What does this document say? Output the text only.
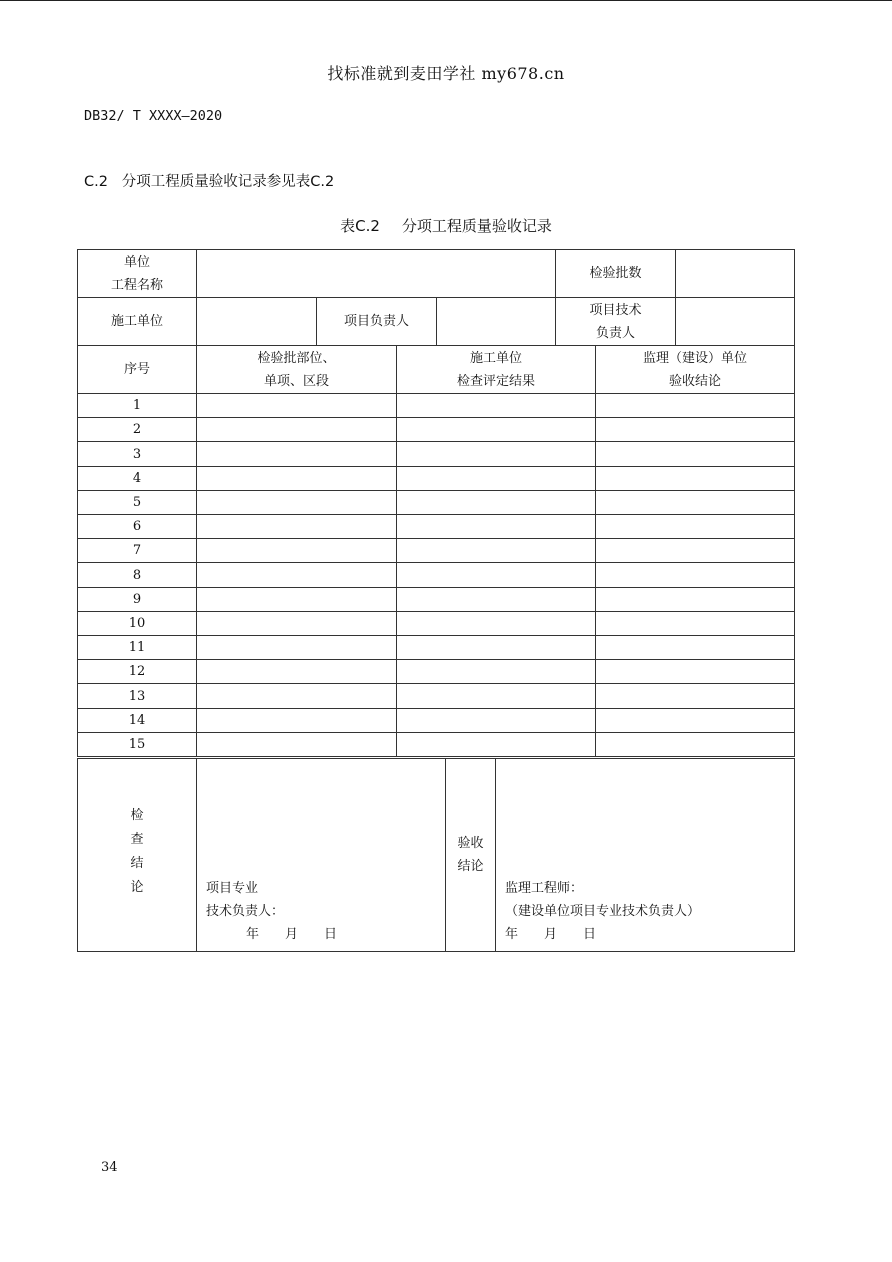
找标准就到麦田学社 my678.cn
DB32/ T XXXX—2020
C.2 分项工程质量验收记录参见表C.2
表C.2 分项工程质量验收记录
单位
工程名称
检验批数
施工单位	项目负责人
项目技术
负责人
序号
检验批部位、
单项、区段
施工单位
检查评定结果
监理（建设）单位
验收结论
检
查
结
论	项目专业
技术负责人：
年　　月　　日
验收
结论
监理工程师：
（建设单位项目专业技术负责人）
年　　月　　日
1
2
3
4
5
6
7
8
9
10
11
12
13
14
15
34
